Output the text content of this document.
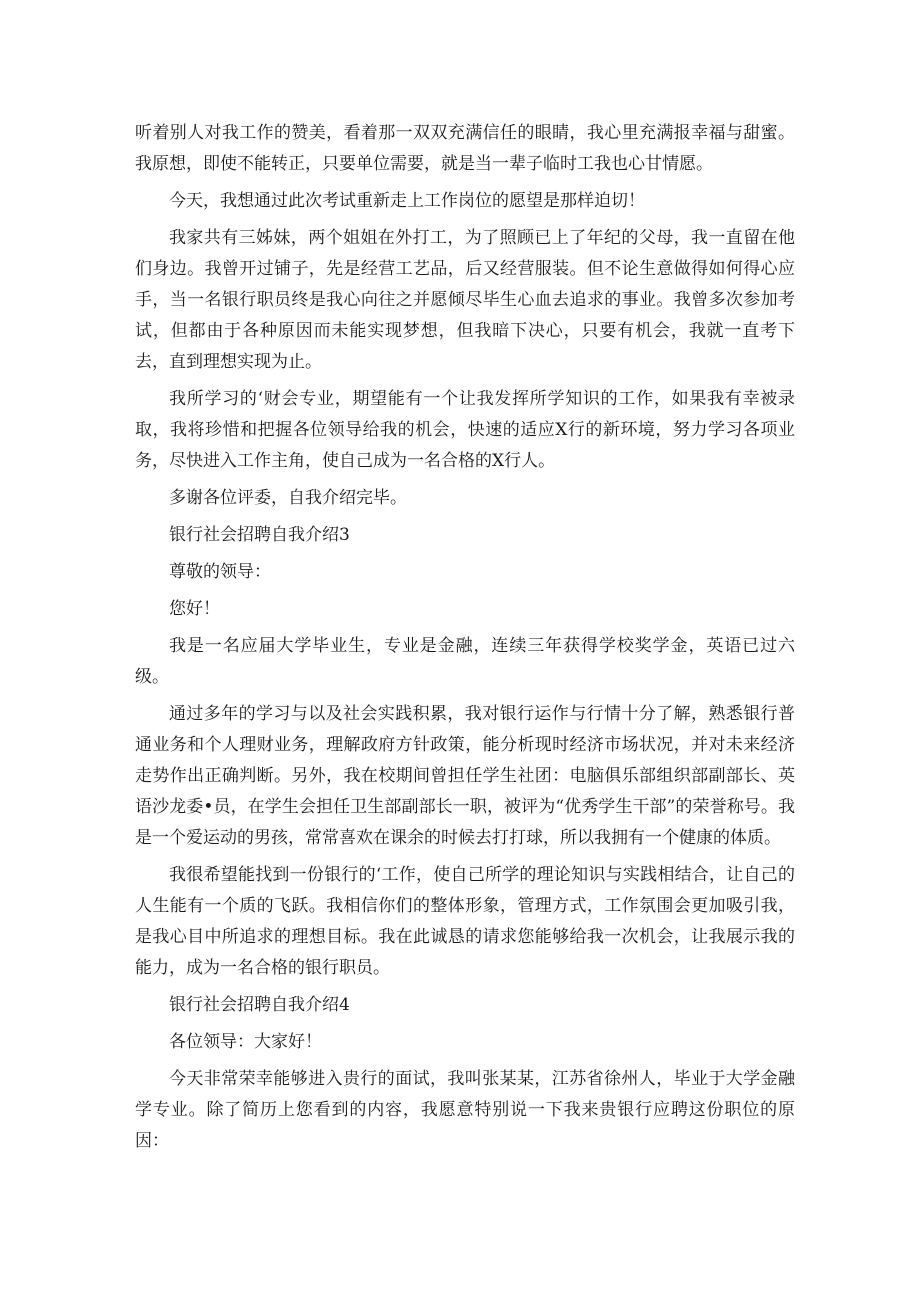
听着别人对我工作的赞美，看着那一双双充满信任的眼睛，我心里充满报幸福与甜蜜。我原想，即使不能转正，只要单位需要，就是当一辈子临时工我也心甘情愿。

今天，我想通过此次考试重新走上工作岗位的愿望是那样迫切！

我家共有三姊妹，两个姐姐在外打工，为了照顾已上了年纪的父母，我一直留在他们身边。我曾开过铺子，先是经营工艺品，后又经营服装。但不论生意做得如何得心应手，当一名银行职员终是我心向往之并愿倾尽毕生心血去追求的事业。我曾多次参加考试，但都由于各种原因而未能实现梦想，但我暗下决心，只要有机会，我就一直考下去，直到理想实现为止。

我所学习的‘财会专业，期望能有一个让我发挥所学知识的工作，如果我有幸被录取，我将珍惜和把握各位领导给我的机会，快速的适应X行的新环境，努力学习各项业务，尽快进入工作主角，使自己成为一名合格的X行人。

多谢各位评委，自我介绍完毕。

银行社会招聘自我介绍3

尊敬的领导：

您好！

我是一名应届大学毕业生，专业是金融，连续三年获得学校奖学金，英语已过六级。

通过多年的学习与以及社会实践积累，我对银行运作与行情十分了解，熟悉银行普通业务和个人理财业务，理解政府方针政策，能分析现时经济市场状况，并对未来经济走势作出正确判断。另外，我在校期间曾担任学生社团：电脑俱乐部组织部副部长、英语沙龙委•员，在学生会担任卫生部副部长一职，被评为“优秀学生干部”的荣誉称号。我是一个爱运动的男孩，常常喜欢在课余的时候去打打球，所以我拥有一个健康的体质。

我很希望能找到一份银行的‘工作，使自己所学的理论知识与实践相结合，让自己的人生能有一个质的飞跃。我相信你们的整体形象，管理方式，工作氛围会更加吸引我，是我心目中所追求的理想目标。我在此诚恳的请求您能够给我一次机会，让我展示我的能力，成为一名合格的银行职员。

银行社会招聘自我介绍4

各位领导：大家好！

今天非常荣幸能够进入贵行的面试，我叫张某某，江苏省徐州人，毕业于大学金融学专业。除了简历上您看到的内容，我愿意特别说一下我来贵银行应聘这份职位的原因：
